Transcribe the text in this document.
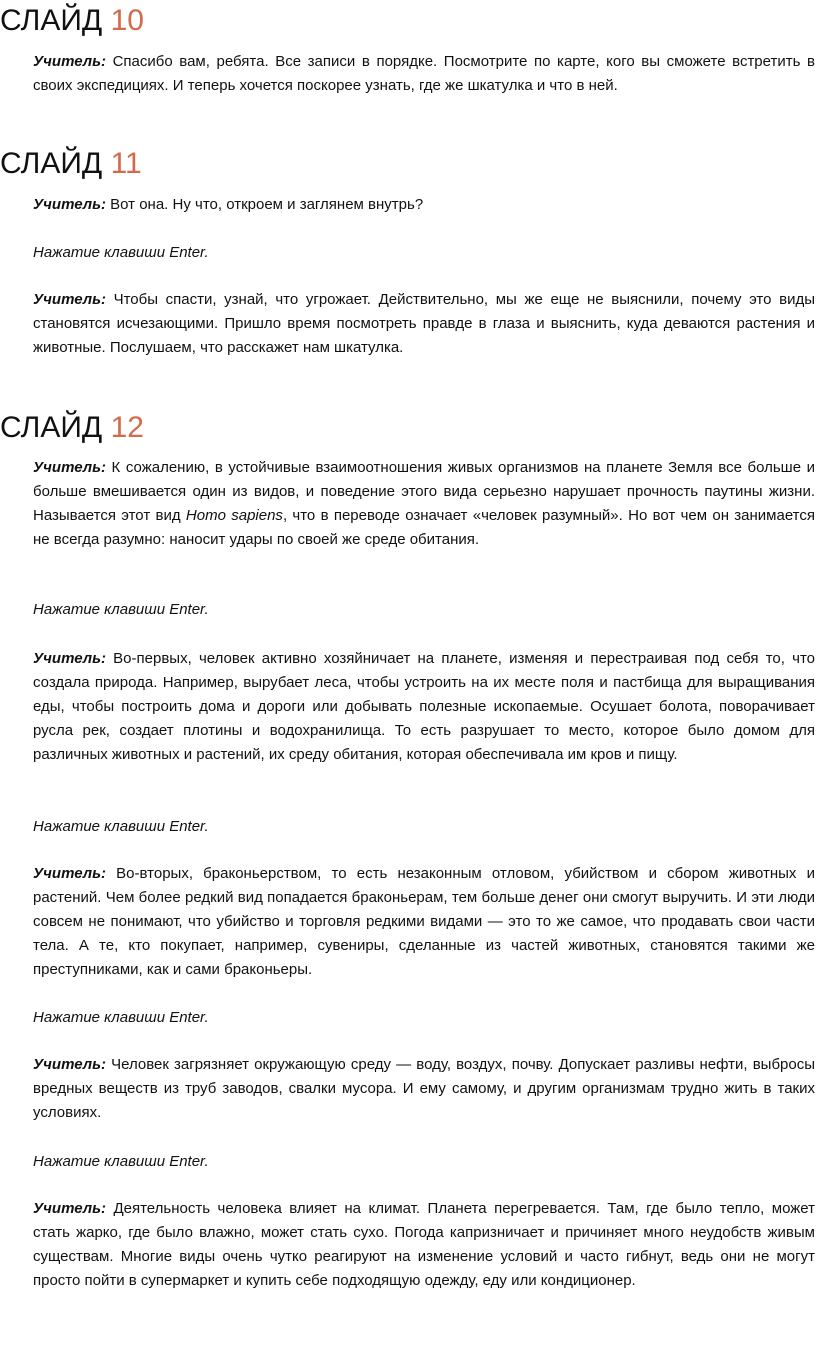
СЛАЙД 10

Учитель: Спасибо вам, ребята. Все записи в порядке. Посмотрите по карте, кого вы сможете встретить в своих экспедициях. И теперь хочется поскорее узнать, где же шкатулка и что в ней.

СЛАЙД 11

Учитель: Вот она. Ну что, откроем и заглянем внутрь?

Нажатие клавиши Enter.

Учитель: Чтобы спасти, узнай, что угрожает. Действительно, мы же еще не выяснили, почему это виды становятся исчезающими. Пришло время посмотреть правде в глаза и выяснить, куда деваются растения и животные. Послушаем, что расскажет нам шкатулка.

СЛАЙД 12

Учитель: К сожалению, в устойчивые взаимоотношения живых организмов на планете Земля все больше и больше вмешивается один из видов, и поведение этого вида серьезно нарушает прочность паутины жизни. Называется этот вид Homo sapiens, что в переводе означает «человек разумный». Но вот чем он занимается не всегда разумно: наносит удары по своей же среде обитания.

Нажатие клавиши Enter.

Учитель: Во-первых, человек активно хозяйничает на планете, изменяя и перестраивая под себя то, что создала природа. Например, вырубает леса, чтобы устроить на их месте поля и пастбища для выращивания еды, чтобы построить дома и дороги или добывать полезные ископаемые. Осушает болота, поворачивает русла рек, создает плотины и водохранилища. То есть разрушает то место, которое было домом для различных животных и растений, их среду обитания, которая обеспечивала им кров и пищу.

Нажатие клавиши Enter.

Учитель: Во-вторых, браконьерством, то есть незаконным отловом, убийством и сбором животных и растений. Чем более редкий вид попадается браконьерам, тем больше денег они смогут выручить. И эти люди совсем не понимают, что убийство и торговля редкими видами — это то же самое, что продавать свои части тела. А те, кто покупает, например, сувениры, сделанные из частей животных, становятся такими же преступниками, как и сами браконьеры.

Нажатие клавиши Enter.

Учитель: Человек загрязняет окружающую среду — воду, воздух, почву. Допускает разливы нефти, выбросы вредных веществ из труб заводов, свалки мусора. И ему самому, и другим организмам трудно жить в таких условиях.

Нажатие клавиши Enter.

Учитель: Деятельность человека влияет на климат. Планета перегревается. Там, где было тепло, может стать жарко, где было влажно, может стать сухо. Погода капризничает и причиняет много неудобств живым существам. Многие виды очень чутко реагируют на изменение условий и часто гибнут, ведь они не могут просто пойти в супермаркет и купить себе подходящую одежду, еду или кондиционер.
